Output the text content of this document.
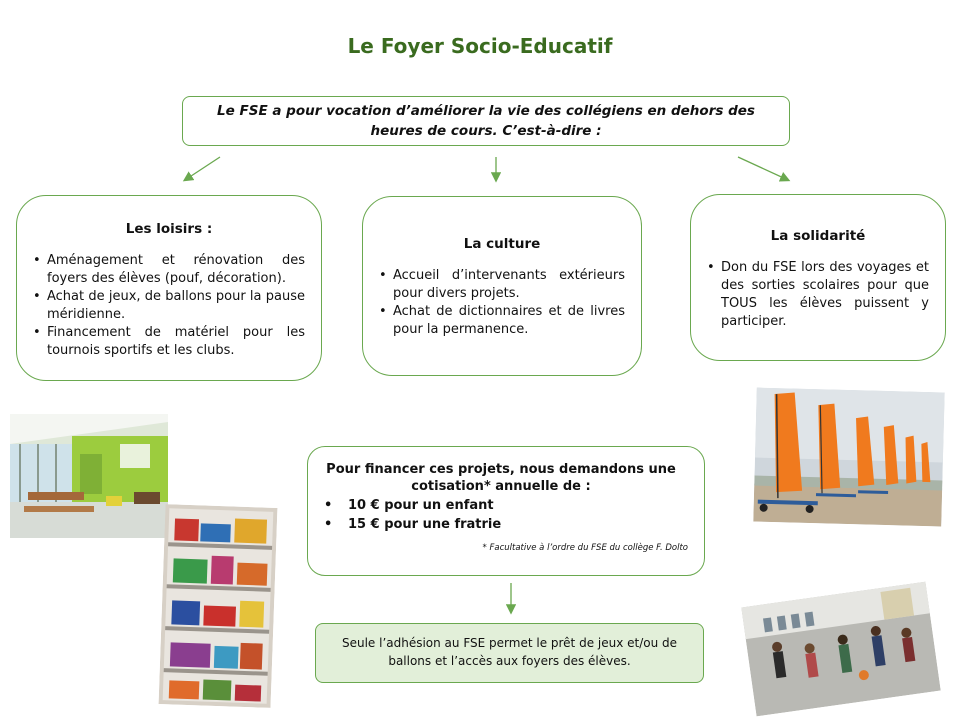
Le Foyer Socio-Educatif
Le FSE a pour vocation d’améliorer la vie des collégiens en dehors des
heures de cours. C’est-à-dire :
Les loisirs :
• Aménagement et rénovation des foyers des élèves (pouf, décoration).
• Achat de jeux, de ballons pour la pause méridienne.
• Financement de matériel pour les tournois sportifs et les clubs.
La culture
• Accueil d’intervenants extérieurs pour divers projets.
• Achat de dictionnaires et de livres pour la permanence.
La solidarité
• Don du FSE lors des voyages et des sorties scolaires pour que TOUS les élèves puissent y participer.
Pour financer ces projets, nous demandons une cotisation* annuelle de :
• 10 € pour un enfant
• 15 € pour une fratrie
* Facultative à l’ordre du FSE du collège F. Dolto
Seule l’adhésion au FSE permet le prêt de jeux et/ou de
ballons et l’accès aux foyers des élèves.
